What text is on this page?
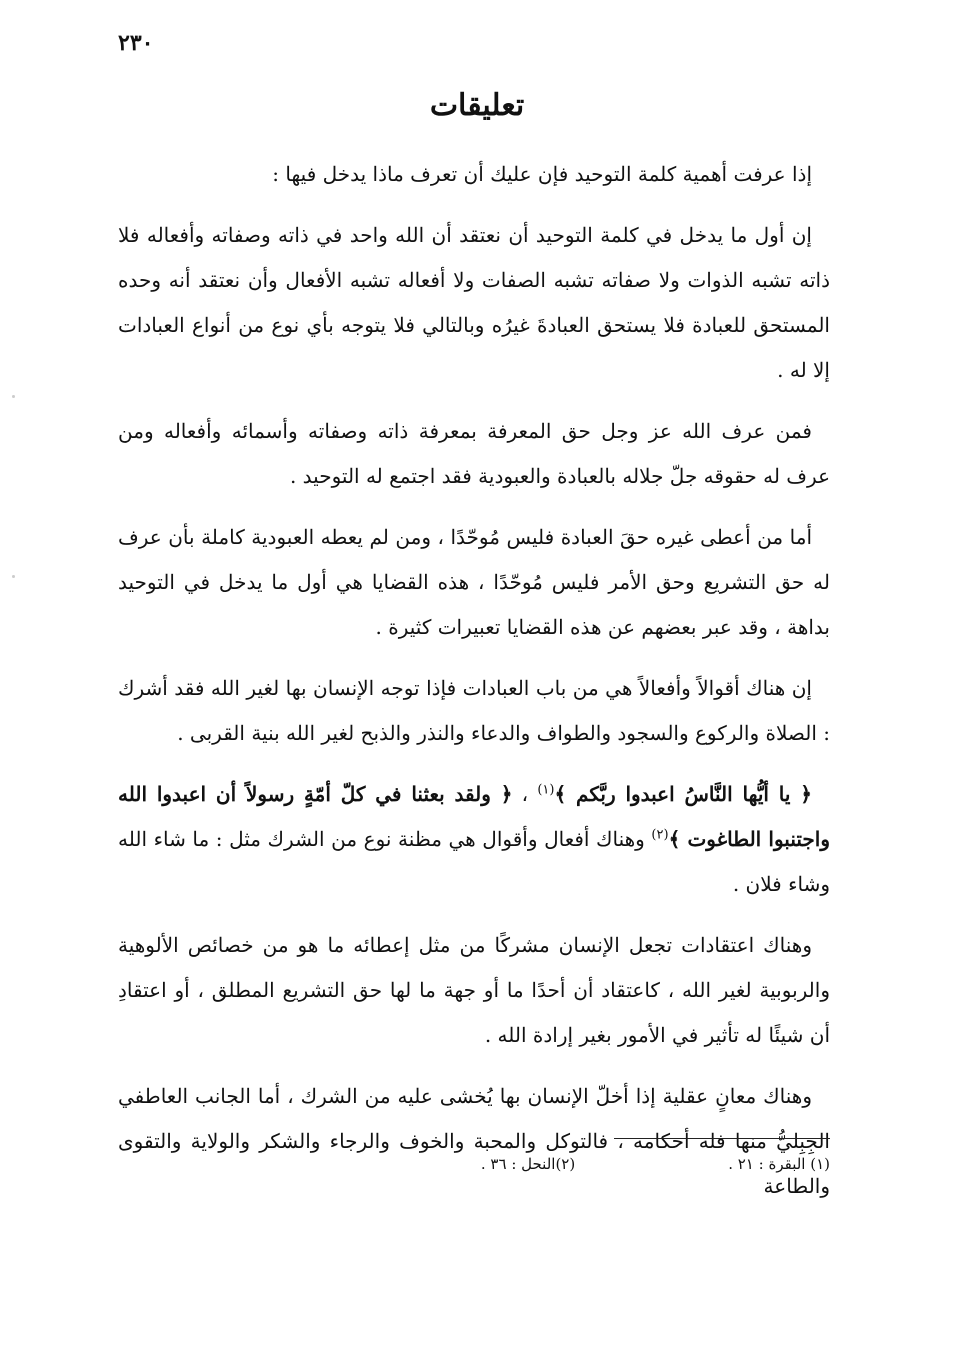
٢٣٠
تعليقات

إذا عرفت أهمية كلمة التوحيد فإن عليك أن تعرف ماذا يدخل فيها :

إن أول ما يدخل في كلمة التوحيد أن نعتقد أن الله واحد في ذاته وصفاته وأفعاله فلا ذاته تشبه الذوات ولا صفاته تشبه الصفات ولا أفعاله تشبه الأفعال وأن نعتقد أنه وحده المستحق للعبادة فلا يستحق العبادةَ غيرُه وبالتالي فلا يتوجه بأي نوع من أنواع العبادات إلا له .

فمن عرف الله عز وجل حق المعرفة بمعرفة ذاته وصفاته وأسمائه وأفعاله ومن عرف له حقوقه جلّ جلاله بالعبادة والعبودية فقد اجتمع له التوحيد .

أما من أعطى غيره حقَ العبادة فليس مُوحّدًا ، ومن لم يعطه العبودية كاملة بأن عرف له حق التشريع وحق الأمر فليس مُوحّدًا ، هذه القضايا هي أول ما يدخل في التوحيد بداهة ، وقد عبر بعضهم عن هذه القضايا تعبيرات كثيرة .

إن هناك أقوالاً وأفعالاً هي من باب العبادات فإذا توجه الإنسان بها لغير الله فقد أشرك : الصلاة والركوع والسجود والطواف والدعاء والنذر والذبح لغير الله بنية القربى .

﴿ يا أيُّها النَّاسُ اعبدوا ربَّكم ﴾$^{(١)}$ ، ﴿ ولقد بعثنا في كلّ أمّةٍ رسولاً أن اعبدوا الله واجتنبوا الطاغوت ﴾$^{(٢)}$ وهناك أفعال وأقوال هي مظنة نوع من الشرك مثل : ما شاء الله وشاء فلان .

وهناك اعتقادات تجعل الإنسان مشركًا من مثل إعطائه ما هو من خصائص الألوهية والربوبية لغير الله ، كاعتقاد أن أحدًا ما أو جهة ما لها حق التشريع المطلق ، أو اعتقادِ أن شيئًا له تأثير في الأمور بغير إرادة الله .

وهناك معانٍ عقلية إذا أخلّ الإنسان بها يُخشى عليه من الشرك ، أما الجانب العاطفي الجِبِليُّ منها فله أحكامه ، فالتوكل والمحبة والخوف والرجاء والشكر والولاية والتقوى والطاعة

(١) البقرة : ٢١ . (٢)النحل : ٣٦ .
